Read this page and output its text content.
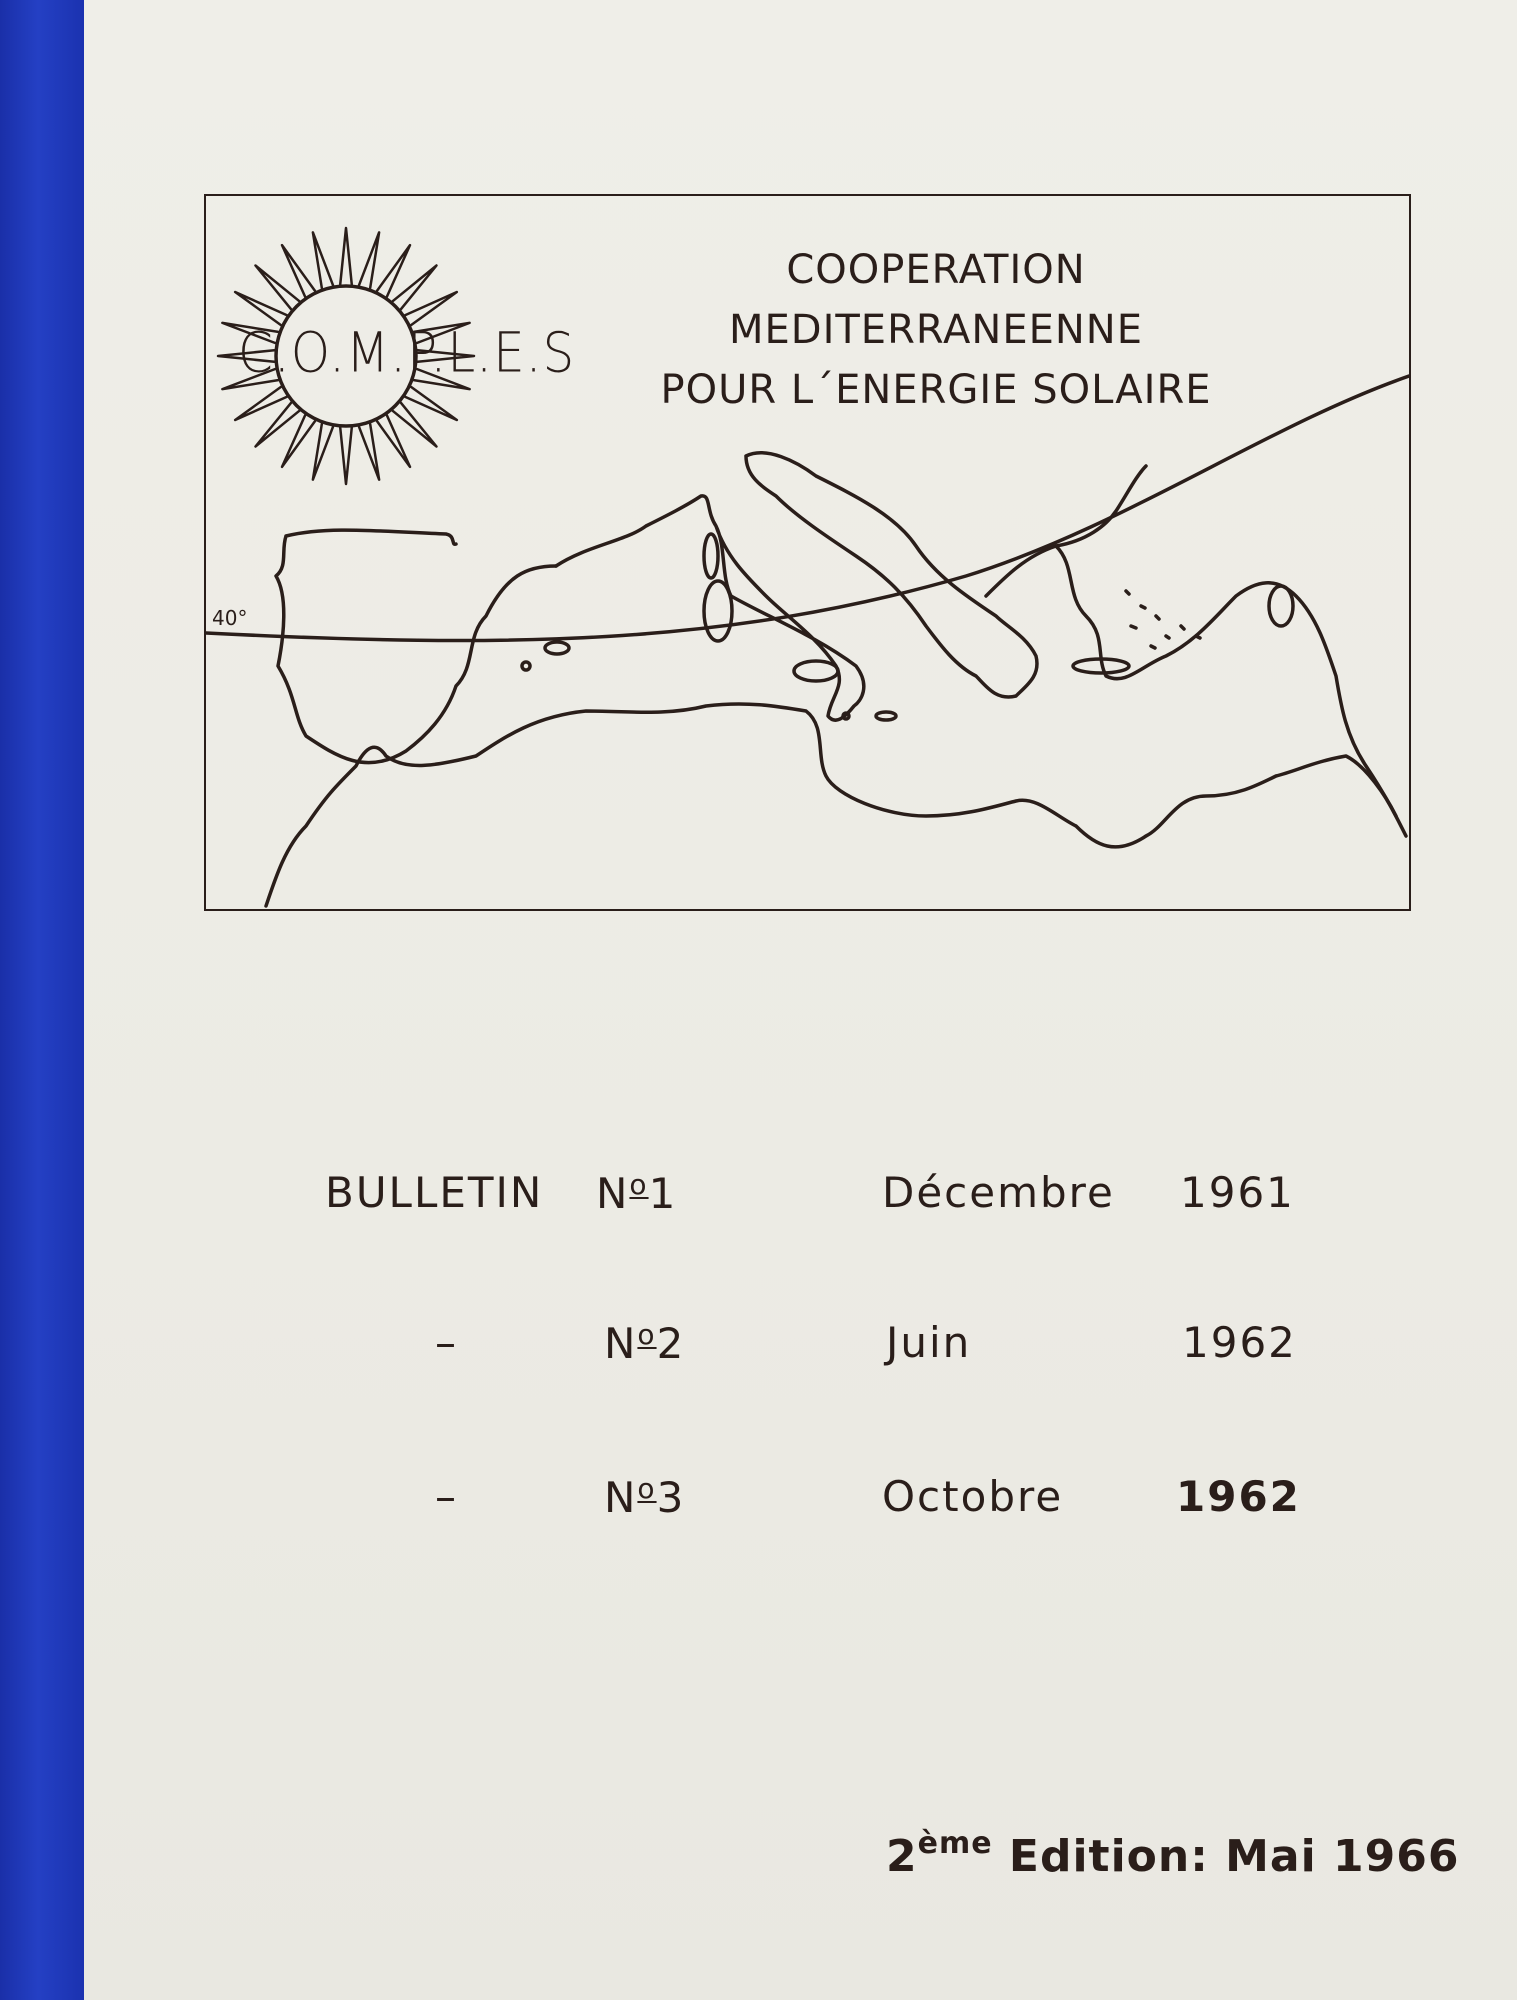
C.O.M.P.L.E.S
COOPERATION
MEDITERRANEENNE
POUR L´ENERGIE SOLAIRE
40°
BULLETIN $N^o1$	Décembre 1961
–	$N^o2$	Juin	1962
–	$N^o3$	Octobre	1962
2ème Edition: Mai 1966
